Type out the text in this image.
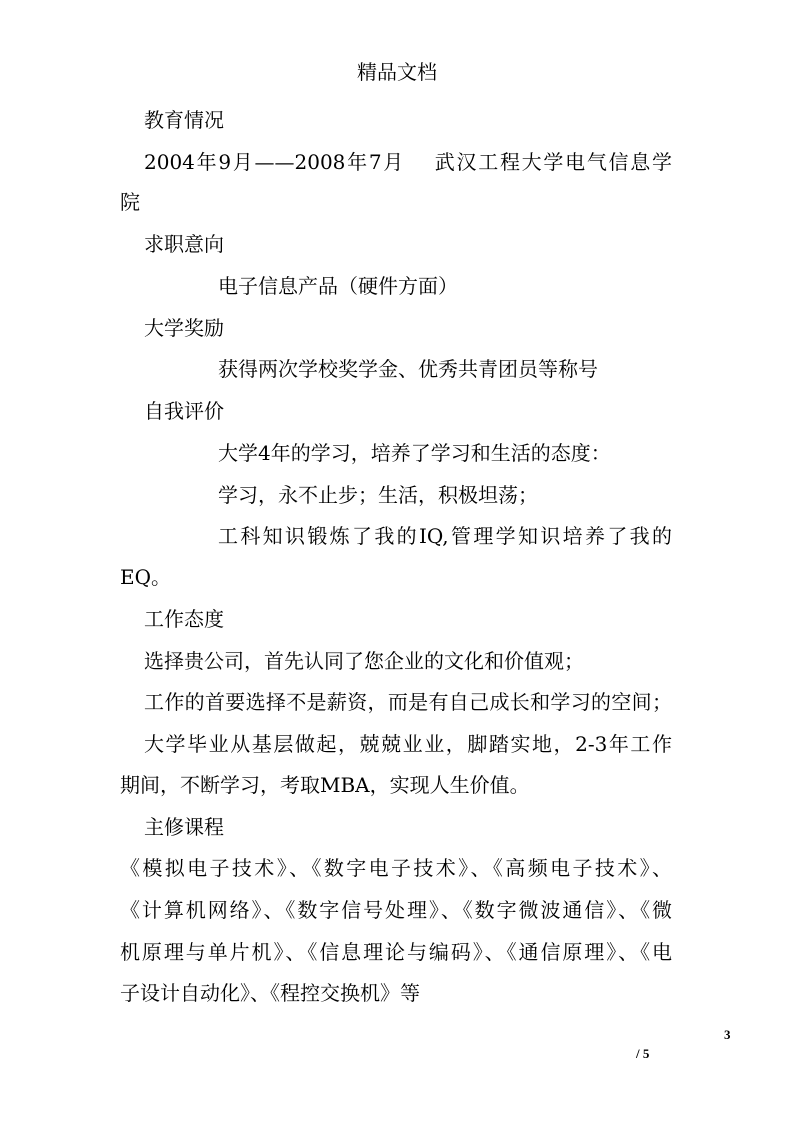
精品文档
教育情况
2004年9月——2008年7月　 武汉工程大学电气信息学
院
求职意向
电子信息产品（硬件方面）
大学奖励
获得两次学校奖学金、优秀共青团员等称号
自我评价
大学4年的学习，培养了学习和生活的态度：
学习，永不止步；生活，积极坦荡；
工科知识锻炼了我的IQ,管理学知识培养了我的
EQ。
工作态度
选择贵公司，首先认同了您企业的文化和价值观；
工作的首要选择不是薪资，而是有自己成长和学习的空间；
大学毕业从基层做起，兢兢业业，脚踏实地，2-3年工作
期间，不断学习，考取MBA，实现人生价值。
主修课程
《模拟电子技术》、《数字电子技术》、《高频电子技术》、
《计算机网络》、《数字信号处理》、《数字微波通信》、《微
机原理与单片机》、《信息理论与编码》、《通信原理》、《电
子设计自动化》、《程控交换机》等
3
/ 5
